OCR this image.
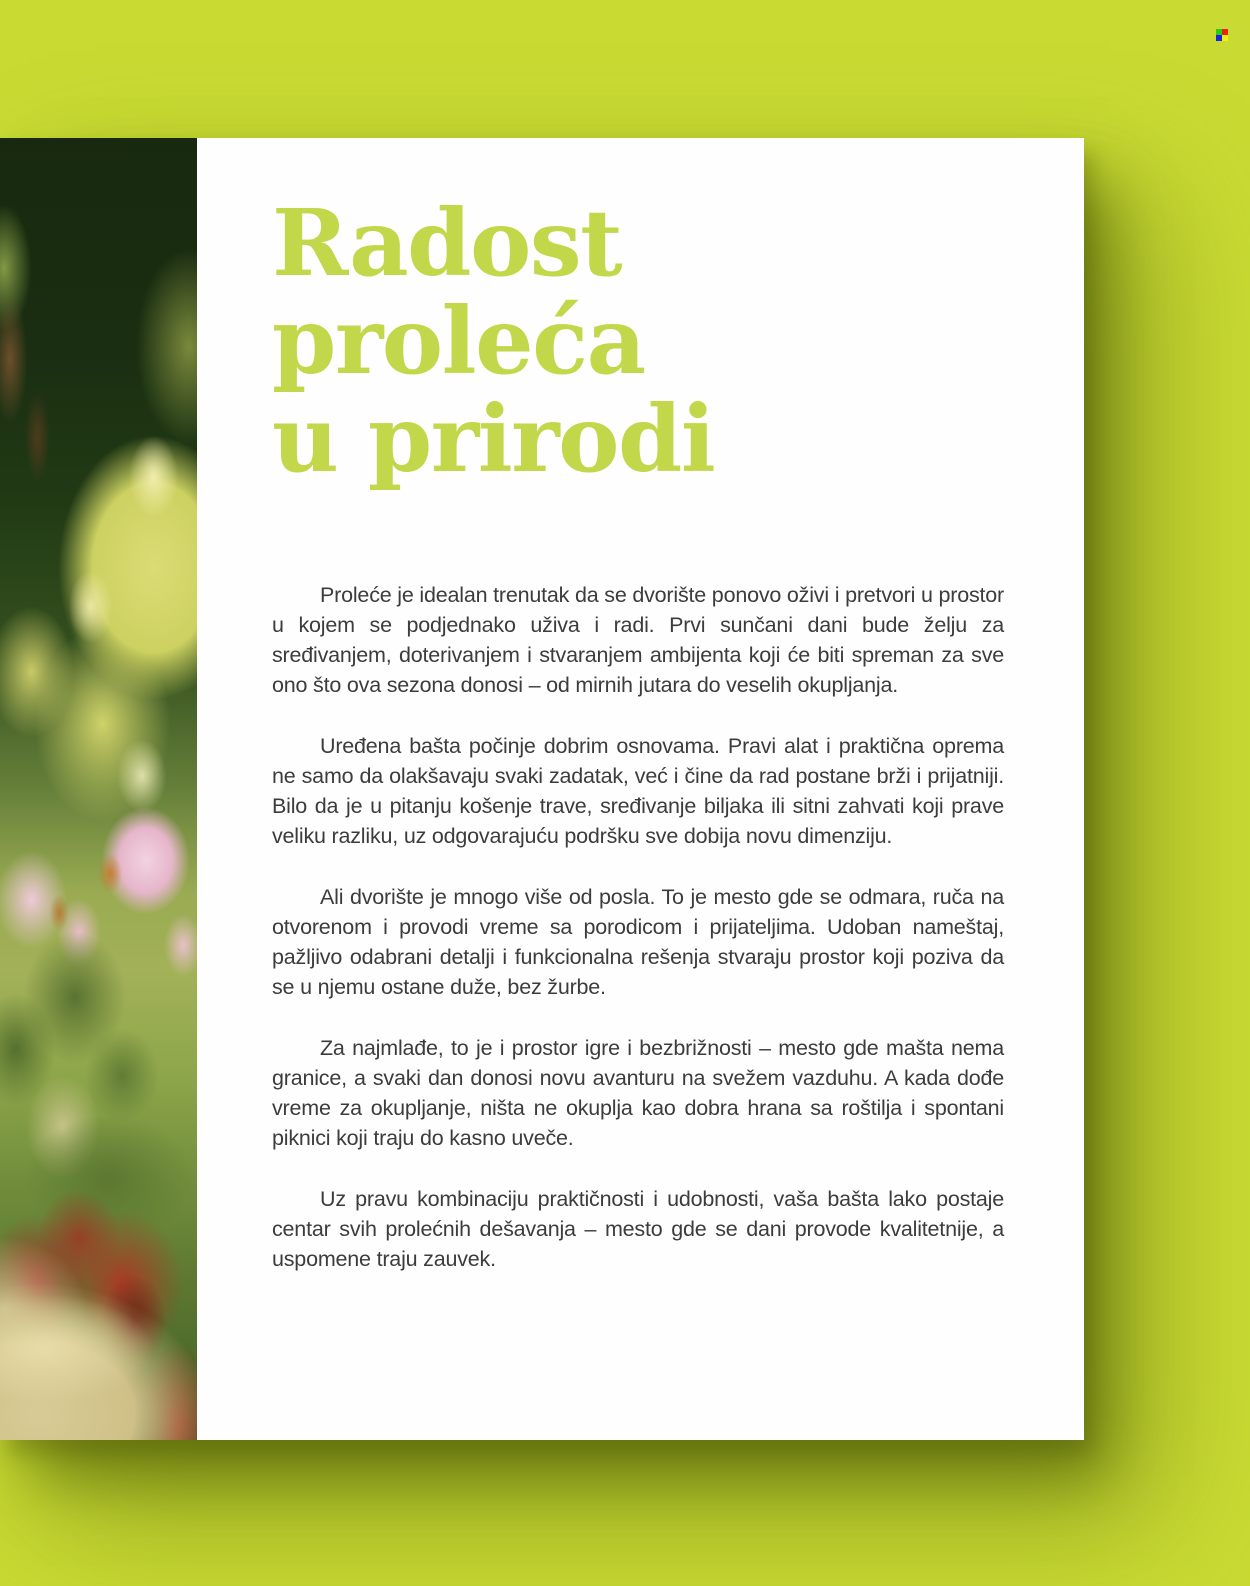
Radost proleća
u prirodi

Proleće je idealan trenutak da se dvorište ponovo oživi i pretvori u prostor u kojem se podjednako uživa i radi. Prvi sunčani dani bude želju za sređivanjem, doterivanjem i stvaranjem ambijenta koji će biti spreman za sve ono što ova sezona donosi – od mirnih jutara do veselih okupljanja.

Uređena bašta počinje dobrim osnovama. Pravi alat i praktična oprema ne samo da olakšavaju svaki zadatak, već i čine da rad postane brži i prijatniji. Bilo da je u pitanju košenje trave, sređivanje biljaka ili sitni zahvati koji prave veliku razliku, uz odgovarajuću podršku sve dobija novu dimenziju.

Ali dvorište je mnogo više od posla. To je mesto gde se odmara, ruča na otvorenom i provodi vreme sa porodicom i prijateljima. Udoban nameštaj, pažljivo odabrani detalji i funkcionalna rešenja stvaraju prostor koji poziva da se u njemu ostane duže, bez žurbe.

Za najmlađe, to je i prostor igre i bezbrižnosti – mesto gde mašta nema granice, a svaki dan donosi novu avanturu na svežem vazduhu. A kada dođe vreme za okupljanje, ništa ne okuplja kao dobra hrana sa roštilja i spontani piknici koji traju do kasno uveče.

Uz pravu kombinaciju praktičnosti i udobnosti, vaša bašta lako postaje centar svih prolećnih dešavanja – mesto gde se dani provode kvalitetnije, a uspomene traju zauvek.
